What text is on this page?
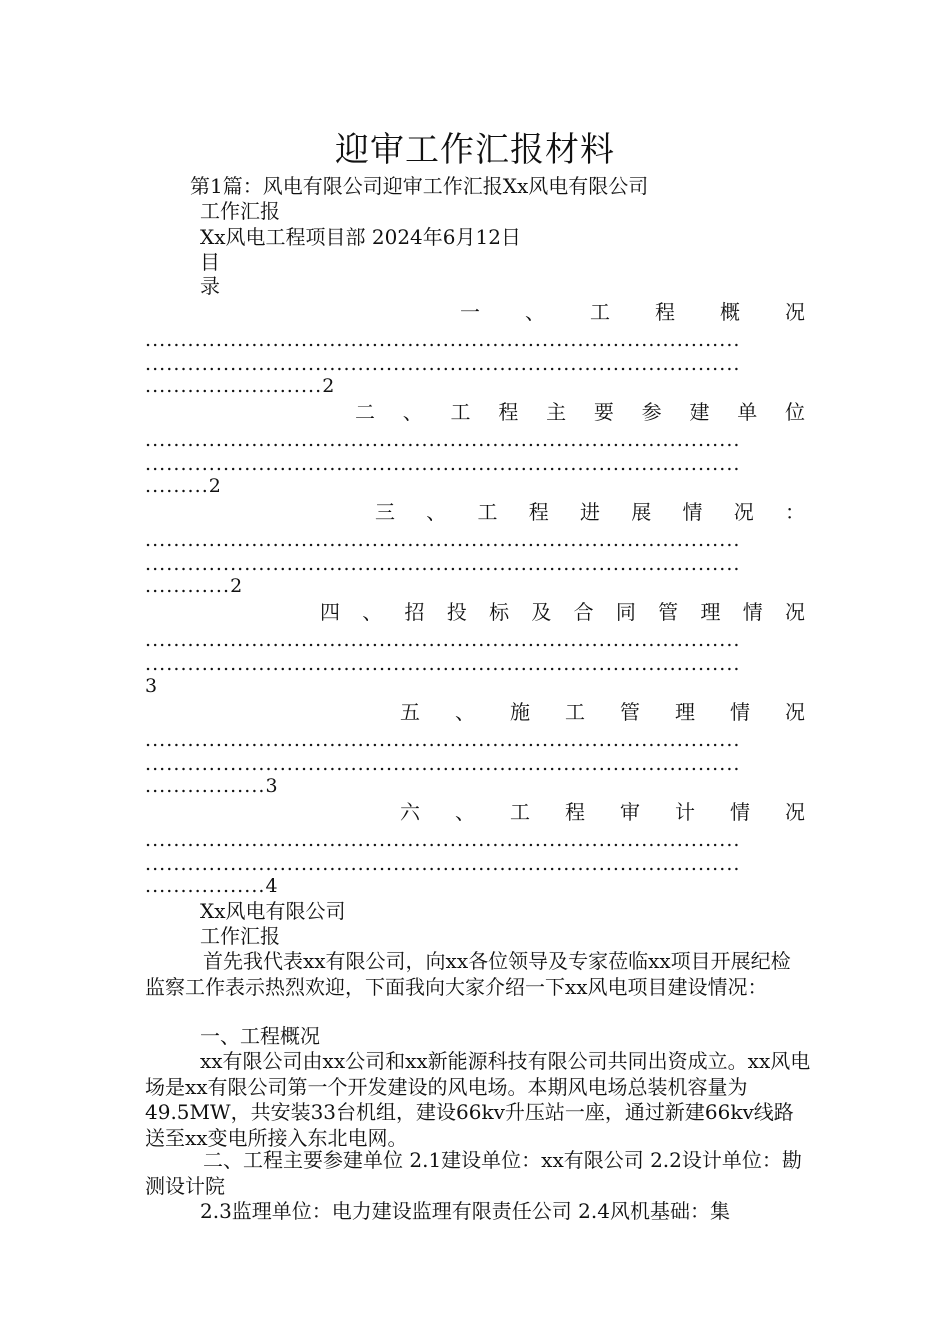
迎审工作汇报材料
第1篇：风电有限公司迎审工作汇报Xx风电有限公司
工作汇报
Xx风电工程项目部 2024年6月12日
目
录
一 、 工 程 概 况
....................................................................................
....................................................................................
.........................2
二 、 工 程 主 要 参 建 单 位
....................................................................................
....................................................................................
.........2
三 、 工 程 进 展 情 况 ：
....................................................................................
....................................................................................
............2
四 、 招 投 标 及 合 同 管 理 情 况
....................................................................................
....................................................................................
3
五 、 施 工 管 理 情 况
....................................................................................
....................................................................................
.................3
六 、 工 程 审 计 情 况
....................................................................................
....................................................................................
.................4
Xx风电有限公司
工作汇报
首先我代表xx有限公司，向xx各位领导及专家莅临xx项目开展纪检监察工作表示热烈欢迎，下面我向大家介绍一下xx风电项目建设情况：
一、工程概况
xx有限公司由xx公司和xx新能源科技有限公司共同出资成立。xx风电场是xx有限公司第一个开发建设的风电场。本期风电场总装机容量为49.5MW，共安装33台机组，建设66kv升压站一座，通过新建66kv线路送至xx变电所接入东北电网。
二、工程主要参建单位 2.1建设单位：xx有限公司 2.2设计单位：勘测设计院
2.3监理单位：电力建设监理有限责任公司 2.4风机基础：集
